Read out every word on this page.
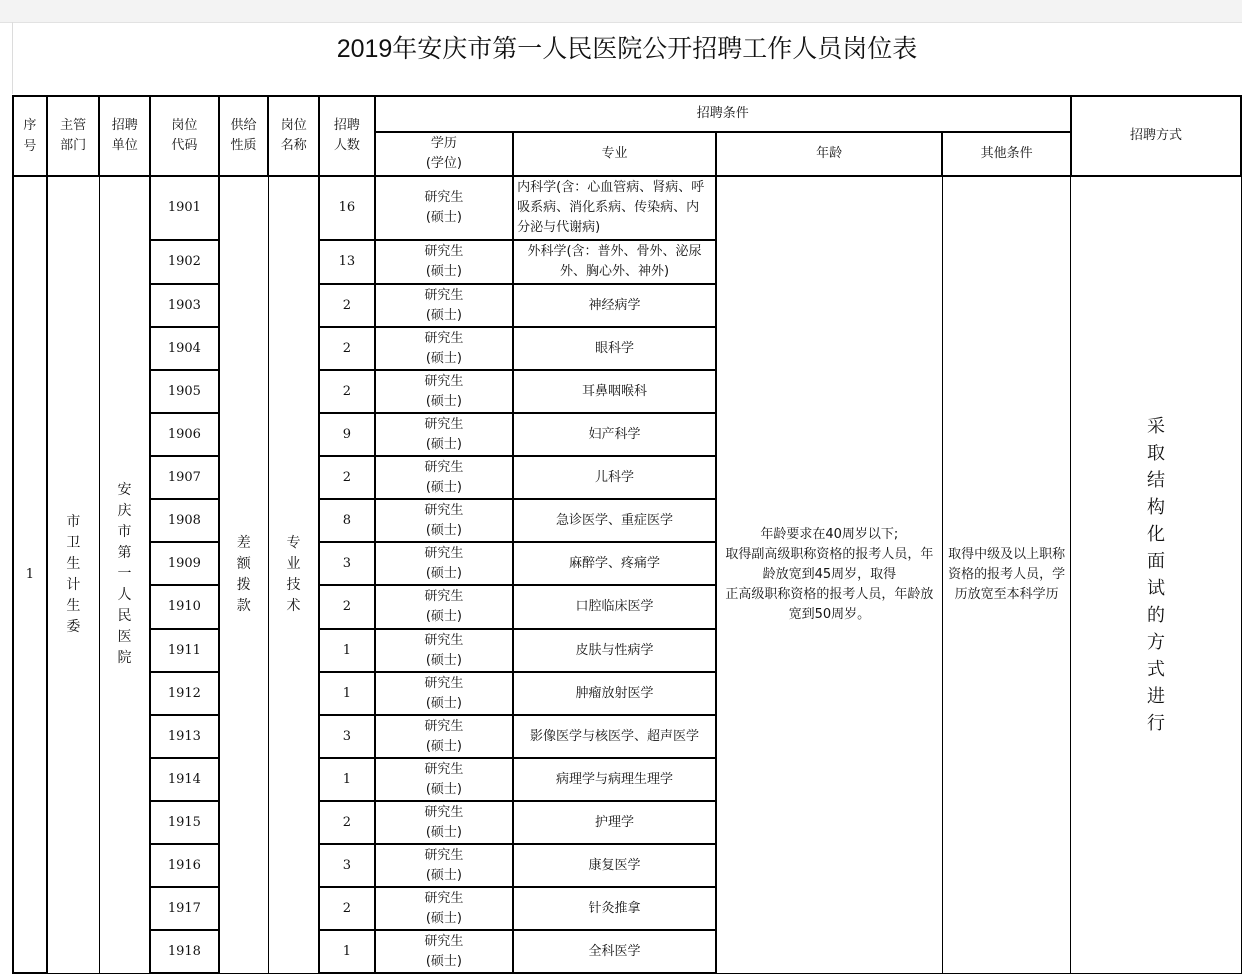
2019年安庆市第一人民医院公开招聘工作人员岗位表
序号	主管部门	招聘单位	岗位代码	供给性质	岗位名称	招聘人数	招聘条件				招聘方式
							学历
(学位)	专业	年龄	其他条件	
1	市卫生计生委	安庆市第一人民医院	1901	差额拨款	专业技术	16	研究生
(硕士)	内科学(含：心血管病、肾病、呼吸系病、消化系病、传染病、内分泌与代谢病)	年龄要求在40周岁以下;
取得副高级职称资格的报考人员，年龄放宽到45周岁，取得
正高级职称资格的报考人员，年龄放宽到50周岁。	取得中级及以上职称资格的报考人员，学历放宽至本科学历	采取结构化面试的方式进行
			1902			13	研究生
(硕士)	外科学(含：普外、骨外、泌尿外、胸心外、神外)			

			1903			2	研究生
(硕士)	神经病学			
			1904			2	研究生
(硕士)	眼科学			
			1905			2	研究生
(硕士)	耳鼻咽喉科			
			1906			9	研究生
(硕士)	妇产科学			
			1907			2	研究生
(硕士)	儿科学			
			1908			8	研究生
(硕士)	急诊医学、重症医学			
			1909			3	研究生
(硕士)	麻醉学、疼痛学			
			1910			2	研究生
(硕士)	口腔临床医学			
			1911			1	研究生
(硕士)	皮肤与性病学			
			1912			1	研究生
(硕士)	肿瘤放射医学			
			1913			3	研究生
(硕士)	影像医学与核医学、超声医学			
			1914			1	研究生
(硕士)	病理学与病理生理学			
			1915			2	研究生
(硕士)	护理学			
			1916			3	研究生
(硕士)	康复医学			
			1917			2	研究生
(硕士)	针灸推拿			
			1918			1	研究生
(硕士)	全科医学			
